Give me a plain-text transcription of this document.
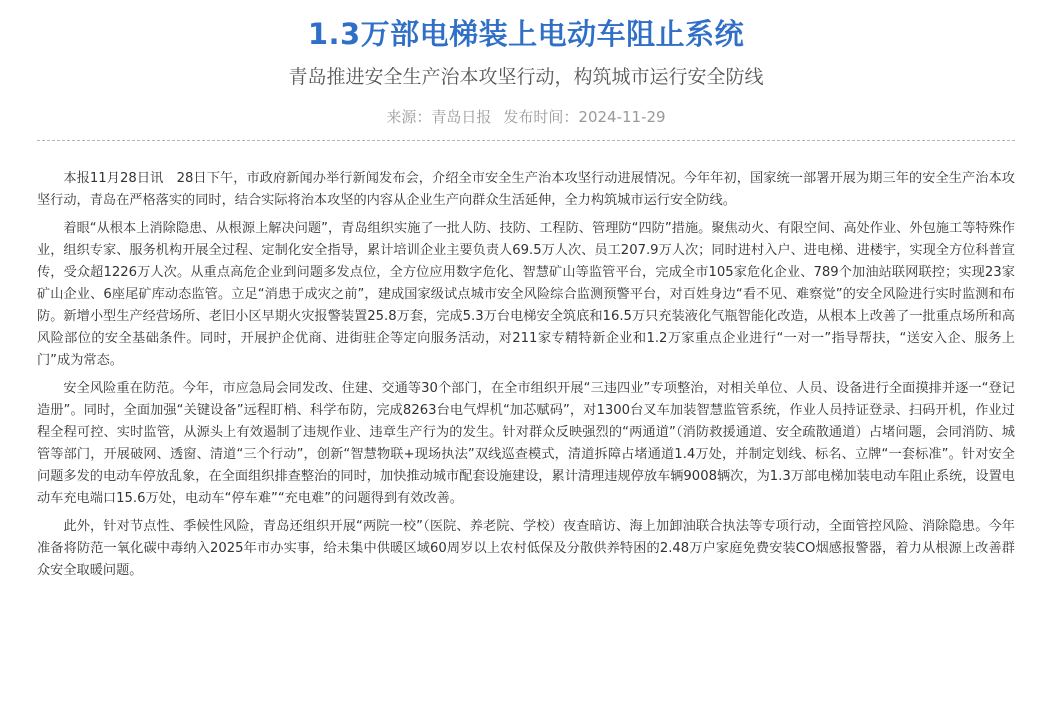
1.3万部电梯装上电动车阻止系统
青岛推进安全生产治本攻坚行动，构筑城市运行安全防线
来源：青岛日报 发布时间：2024-11-29

本报11月28日讯　28日下午，市政府新闻办举行新闻发布会，介绍全市安全生产治本攻坚行动进展情况。今年年初，国家统一部署开展为期三年的安全生产治本攻坚行动，青岛在严格落实的同时，结合实际将治本攻坚的内容从企业生产向群众生活延伸，全力构筑城市运行安全防线。

着眼“从根本上消除隐患、从根源上解决问题”，青岛组织实施了一批人防、技防、工程防、管理防“四防”措施。聚焦动火、有限空间、高处作业、外包施工等特殊作业，组织专家、服务机构开展全过程、定制化安全指导，累计培训企业主要负责人69.5万人次、员工207.9万人次；同时进村入户、进电梯、进楼宇，实现全方位科普宣传，受众超1226万人次。从重点高危企业到问题多发点位，全方位应用数字危化、智慧矿山等监管平台，完成全市105家危化企业、789个加油站联网联控；实现23家矿山企业、6座尾矿库动态监管。立足“消患于成灾之前”，建成国家级试点城市安全风险综合监测预警平台，对百姓身边“看不见、难察觉”的安全风险进行实时监测和布防。新增小型生产经营场所、老旧小区早期火灾报警装置25.8万套，完成5.3万台电梯安全筑底和16.5万只充装液化气瓶智能化改造，从根本上改善了一批重点场所和高风险部位的安全基础条件。同时，开展护企优商、进街驻企等定向服务活动，对211家专精特新企业和1.2万家重点企业进行“一对一”指导帮扶，“送安入企、服务上门”成为常态。

安全风险重在防范。今年，市应急局会同发改、住建、交通等30个部门，在全市组织开展“三违四业”专项整治，对相关单位、人员、设备进行全面摸排并逐一“登记造册”。同时，全面加强“关键设备”远程盯梢、科学布防，完成8263台电气焊机“加芯赋码”，对1300台叉车加装智慧监管系统，作业人员持证登录、扫码开机，作业过程全程可控、实时监管，从源头上有效遏制了违规作业、违章生产行为的发生。针对群众反映强烈的“两通道”（消防救援通道、安全疏散通道）占堵问题，会同消防、城管等部门，开展破网、透窗、清道“三个行动”，创新“智慧物联+现场执法”双线巡查模式，清道拆障占堵通道1.4万处，并制定划线、标名、立牌“一套标准”。针对安全问题多发的电动车停放乱象，在全面组织排查整治的同时，加快推动城市配套设施建设，累计清理违规停放车辆9008辆次，为1.3万部电梯加装电动车阻止系统，设置电动车充电端口15.6万处，电动车“停车难”“充电难”的问题得到有效改善。

此外，针对节点性、季候性风险，青岛还组织开展“两院一校”（医院、养老院、学校）夜查暗访、海上加卸油联合执法等专项行动，全面管控风险、消除隐患。今年准备将防范一氧化碳中毒纳入2025年市办实事，给未集中供暖区域60周岁以上农村低保及分散供养特困的2.48万户家庭免费安装CO烟感报警器，着力从根源上改善群众安全取暖问题。
